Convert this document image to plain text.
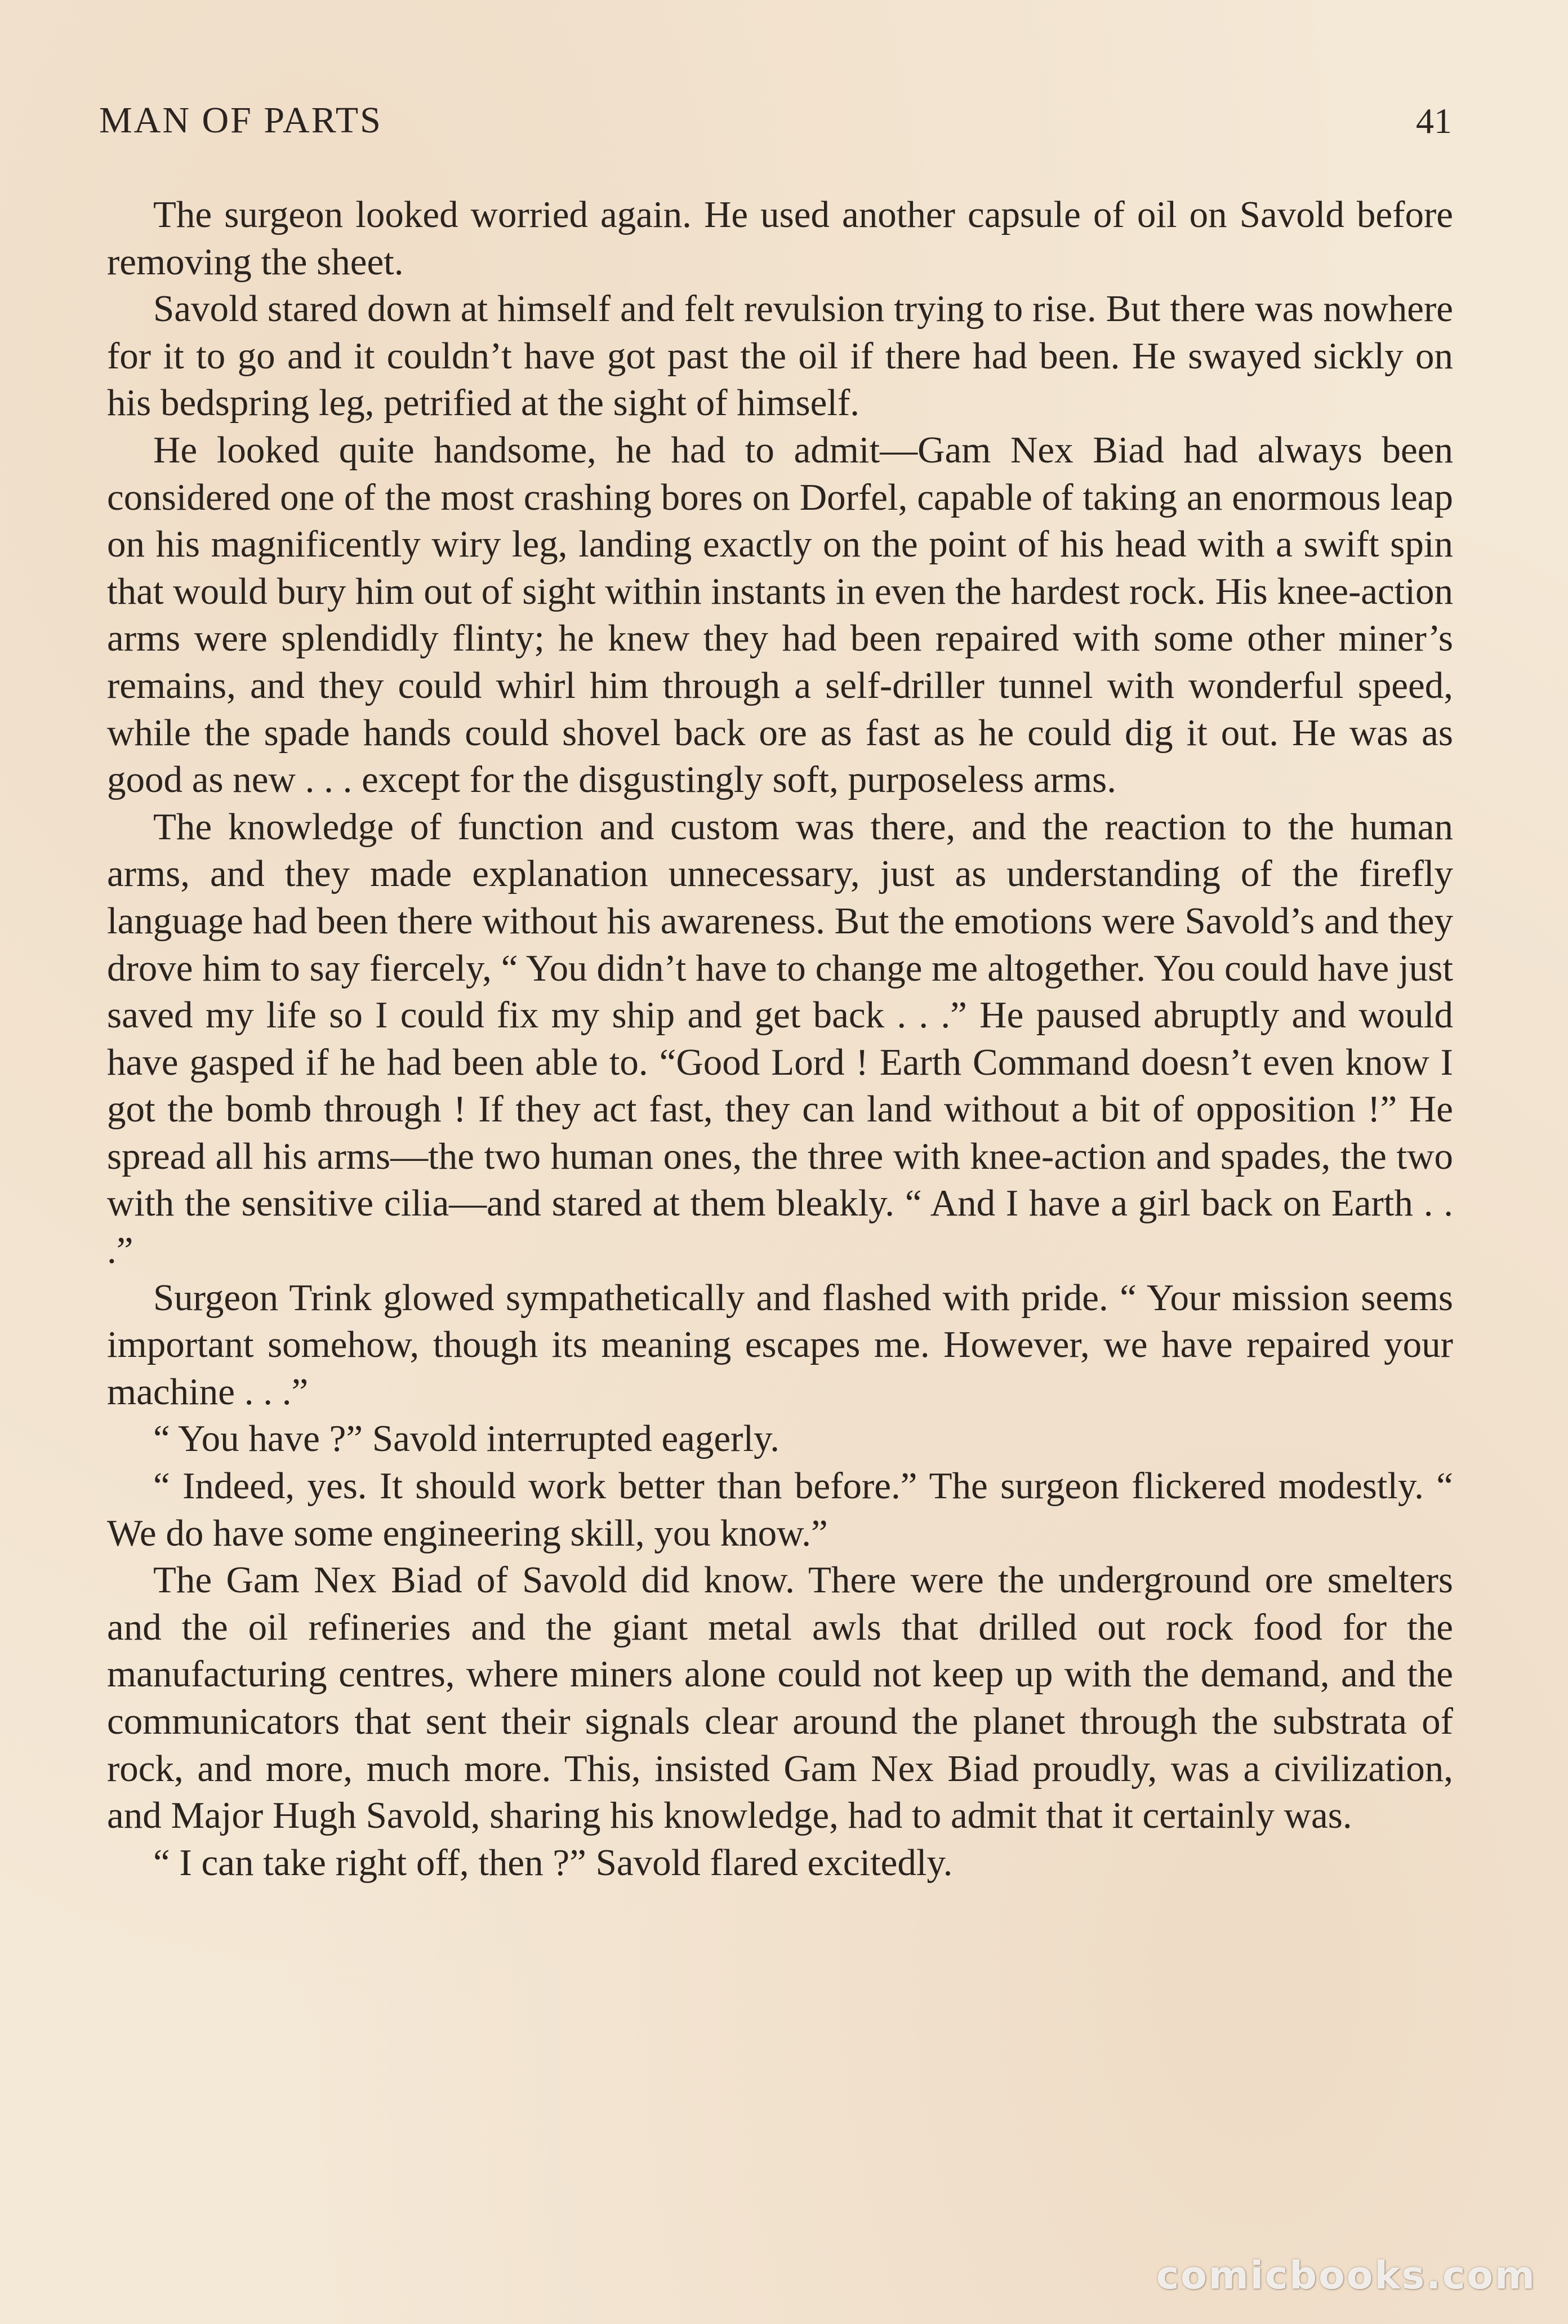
MAN OF PARTS	41

The surgeon looked worried again. He used another capsule of oil on Savold before removing the sheet.

Savold stared down at himself and felt revulsion trying to rise. But there was nowhere for it to go and it couldn’t have got past the oil if there had been. He swayed sickly on his bedspring leg, petrified at the sight of himself.

He looked quite handsome, he had to admit—Gam Nex Biad had always been considered one of the most crashing bores on Dorfel, capable of taking an enormous leap on his magnificently wiry leg, landing exactly on the point of his head with a swift spin that would bury him out of sight within instants in even the hardest rock. His knee-action arms were splendidly flinty; he knew they had been repaired with some other miner’s remains, and they could whirl him through a self-driller tunnel with wonderful speed, while the spade hands could shovel back ore as fast as he could dig it out. He was as good as new . . . except for the disgustingly soft, purposeless arms.

The knowledge of function and custom was there, and the reaction to the human arms, and they made explanation unnecessary, just as understanding of the firefly language had been there without his awareness. But the emotions were Savold’s and they drove him to say fiercely, “ You didn’t have to change me altogether. You could have just saved my life so I could fix my ship and get back . . .” He paused abruptly and would have gasped if he had been able to. “Good Lord ! Earth Command doesn’t even know I got the bomb through ! If they act fast, they can land without a bit of opposition !” He spread all his arms—the two human ones, the three with knee-action and spades, the two with the sensitive cilia—and stared at them bleakly. “ And I have a girl back on Earth . . .”

Surgeon Trink glowed sympathetically and flashed with pride. “ Your mission seems important somehow, though its meaning escapes me. However, we have repaired your machine . . .”

“ You have ?” Savold interrupted eagerly.

“ Indeed, yes. It should work better than before.” The surgeon flickered modestly. “ We do have some engineering skill, you know.”

The Gam Nex Biad of Savold did know. There were the underground ore smelters and the oil refineries and the giant metal awls that drilled out rock food for the manufacturing centres, where miners alone could not keep up with the demand, and the communicators that sent their signals clear around the planet through the substrata of rock, and more, much more. This, insisted Gam Nex Biad proudly, was a civilization, and Major Hugh Savold, sharing his knowledge, had to admit that it certainly was.

“ I can take right off, then ?” Savold flared excitedly.

comicbooks.com
